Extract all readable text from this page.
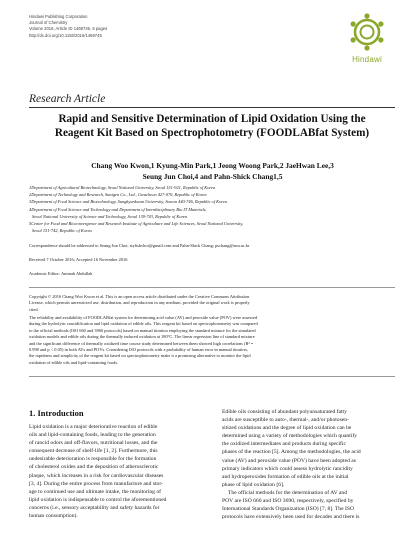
Hindawi Publishing Corporation
Journal of Chemistry
Volume 2016, Article ID 1468745, 6 pages
http://dx.doi.org/10.1155/2016/1468745
Hindawi
Research Article
Rapid and Sensitive Determination of Lipid Oxidation Using the
Reagent Kit Based on Spectrophotometry (FOODLABfat System)
Chang Woo Kwon,1 Kyung-Min Park,1 Jeong Woong Park,2 JaeHwan Lee,3
Seung Jun Choi,4 and Pahn-Shick Chang1,5
1Department of Agricultural Biotechnology, Seoul National University, Seoul 151-921, Republic of Korea
2Department of Technology and Research, Sanigen Co., Ltd., Gwacheon 427-070, Republic of Korea
3Department of Food Science and Biotechnology, Sungkyunkwan University, Suwon 440-746, Republic of Korea
4Department of Food Science and Technology and Department of Interdisciplinary Bio IT Materials,
Seoul National University of Science and Technology, Seoul 139-743, Republic of Korea
5Center for Food and Bioconvergence and Research Institute of Agriculture and Life Sciences, Seoul National University,
Seoul 151-742, Republic of Korea
Correspondence should be addressed to Seung Jun Choi; stylishchoi@gmail.com and Pahn-Shick Chang; pschang@snu.ac.kr
Received 7 October 2016; Accepted 16 November 2016
Academic Editor: Aminah Abdullah
Copyright © 2016 Chang Woo Kwon et al. This is an open access article distributed under the Creative Commons Attribution
License, which permits unrestricted use, distribution, and reproduction in any medium, provided the original work is properly
cited.
The reliability and availability of FOODLABfat system for determining acid value (AV) and peroxide value (POV) were assessed
during the hydrolytic rancidification and lipid oxidation of edible oils. This reagent kit based on spectrophotometry was compared
to the official methods (ISO 660 and 3960 protocols) based on manual titration employing the standard mixture for the simulated
oxidation models and edible oils during the thermally induced oxidation at 180°C. The linear regression line of standard mixture
and the significant difference of thermally oxidized time course study determined between them showed high correlations (R² =
0.998 and p < 0.05) in both AVs and POVs. Considering ISO protocols with a probability of human error in manual titration,
the rapidness and simplicity of the reagent kit based on spectrophotometry make it a promising alternative to monitor the lipid
oxidation of edible oils and lipid-containing foods.
1. Introduction
Lipid oxidation is a major deteriorative reaction of edible
oils and lipid-containing foods, leading to the generation
of rancid odors and off-flavors, nutritional losses, and the
consequent decrease of shelf-life [1, 2]. Furthermore, this
undesirable deterioration is responsible for the formation
of cholesterol oxides and the deposition of atherosclerotic
plaque, which increases in a risk for cardiovascular diseases
[3, 4]. During the entire process from manufacture and stor-
age to continued use and ultimate intake, the monitoring of
lipid oxidation is indispensable to control the aforementioned
concerns (i.e., sensory acceptability and safety hazards for
human consumption).
Edible oils consisting of abundant polyunsaturated fatty
acids are susceptible to auto-, thermal-, and/or photosen-
sitized oxidations and the degree of lipid oxidation can be
determined using a variety of methodologies which quantify
the oxidized intermediates and products during specific
phases of the reaction [5]. Among the methodologies, the acid
value (AV) and peroxide value (POV) have been adopted as
primary indicators which could assess hydrolytic rancidity
and hydroperoxides formation of edible oils at the initial
phase of lipid oxidation [6].
The official methods for the determination of AV and
POV are ISO 660 and ISO 3690, respectively, specified by
International Standards Organization (ISO) [7, 8]. The ISO
protocols have extensively been used for decades and there is
